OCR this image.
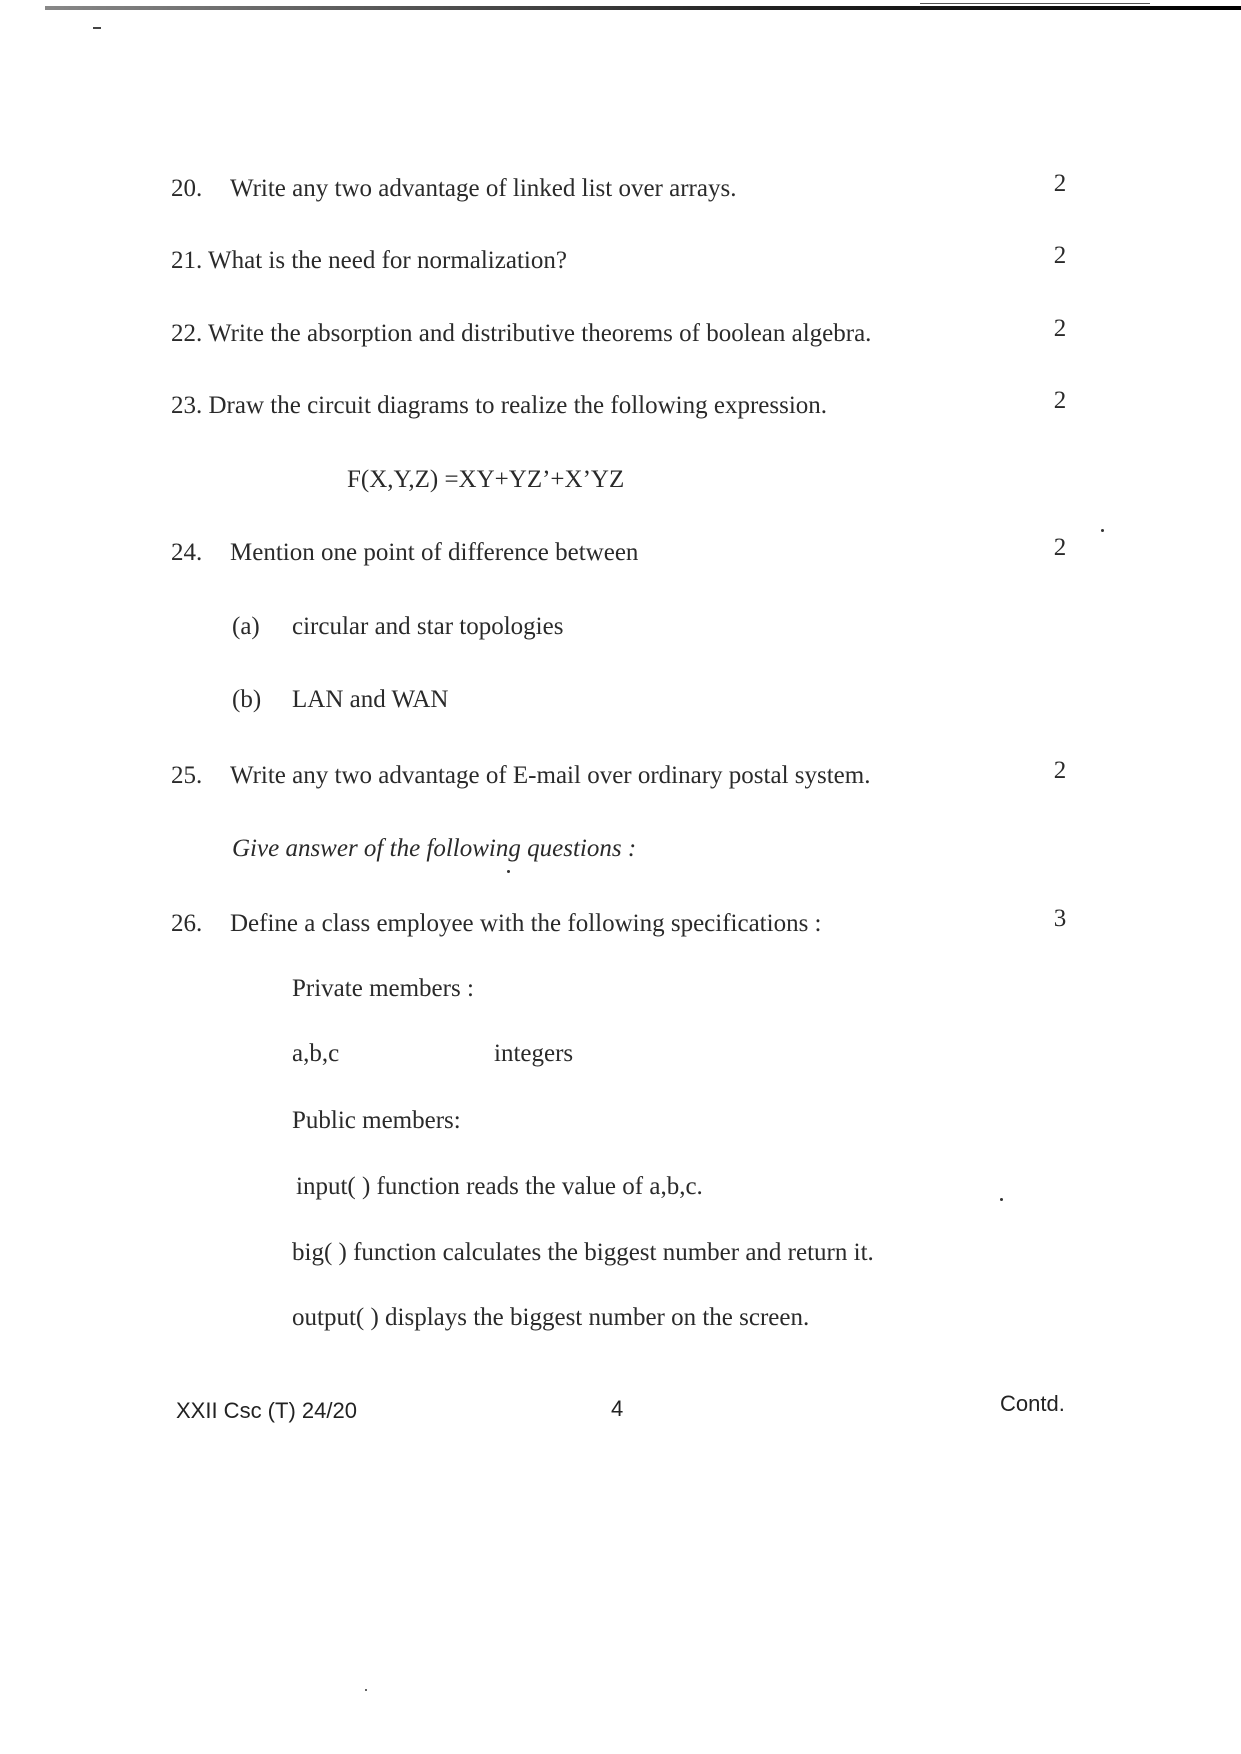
20. Write any two advantage of linked list over arrays.	2
21. What is the need for normalization?	2
22. Write the absorption and distributive theorems of boolean algebra.	2
23. Draw the circuit diagrams to realize the following expression.	2
F(X,Y,Z) =XY+YZ’+X’YZ
24. Mention one point of difference between	2
(a) circular and star topologies
(b) LAN and WAN
25. Write any two advantage of E-mail over ordinary postal system.	2
Give answer of the following questions :
26. Define a class employee with the following specifications :	3
Private members :
a,b,c	integers
Public members:
input( ) function reads the value of a,b,c.
big( ) function calculates the biggest number and return it.
output( ) displays the biggest number on the screen.
XXII Csc (T) 24/20	4	Contd.
